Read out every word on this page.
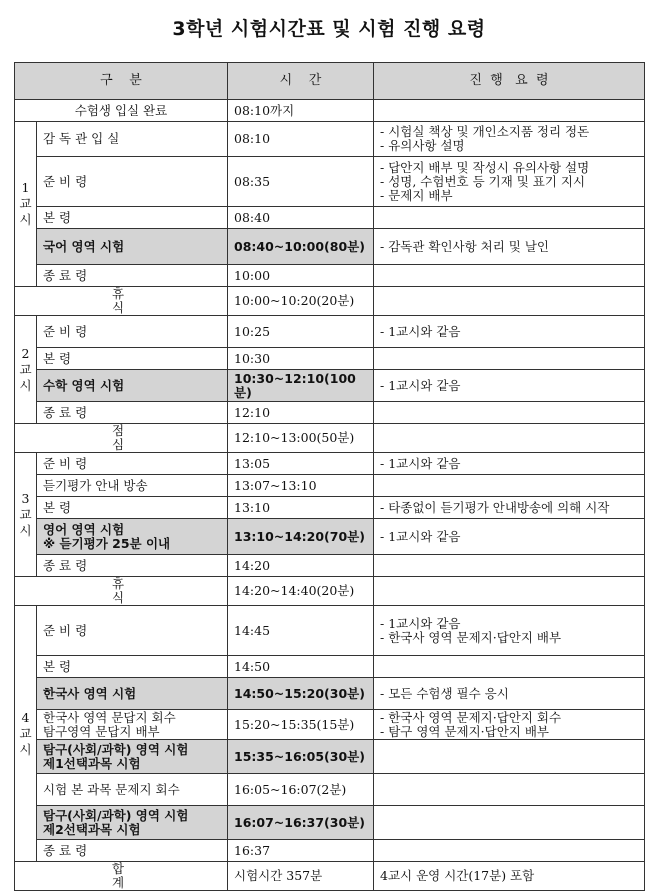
3학년 시험시간표 및 시험 진행 요령
구    분		시    간	진  행   요  령
수험생 입실 완료		08:10까지	

1
교
시	감 독 관 입 실	08:10	- 시험실 책상 및 개인소지품 정리 정돈
- 유의사항 설명

	준 비 령	08:35	- 답안지 배부 및 작성시 유의사항 설명
- 성명, 수험번호 등 기재 및 표기 지시
- 문제지 배부

	본 령	08:40	

	국어 영역 시험	08:40~10:00(80분)	- 감독관 확인사항 처리 및 날인

	종 료 령	10:00	
휴 식		10:00~10:20(20분)	

2
교
시	준 비 령	10:25	- 1교시와 같음

	본 령	10:30	

	수학 영역 시험	10:30~12:10(100분)	- 1교시와 같음

	종 료 령	12:10	
점 심		12:10~13:00(50분)	

3
교
시	준 비 령	13:05	- 1교시와 같음

	듣기평가 안내 방송	13:07~13:10	

	본 령	13:10	- 타종없이 듣기평가 안내방송에 의해 시작

	영어 영역 시험
※ 듣기평가 25분 이내	13:10~14:20(70분)	- 1교시와 같음

	종 료 령	14:20	
휴 식		14:20~14:40(20분)	

4
교
시	준 비 령	14:45	- 1교시와 같음
- 한국사 영역 문제지·답안지 배부

	본 령	14:50	

	한국사 영역 시험	14:50~15:20(30분)	- 모든 수험생 필수 응시

	한국사 영역 문답지 회수
탐구영역 문답지 배부	15:20~15:35(15분)	- 한국사 영역 문제지·답안지 회수
- 탐구 영역 문제지·답안지 배부

	탐구(사회/과학) 영역 시험
제1선택과목 시험	15:35~16:05(30분)	

	시험 본 과목 문제지 회수	16:05~16:07(2분)	

	탐구(사회/과학) 영역 시험
제2선택과목 시험	16:07~16:37(30분)	

	종 료 령	16:37	
합 계		시험시간 357분	4교시 운영 시간(17분) 포함
